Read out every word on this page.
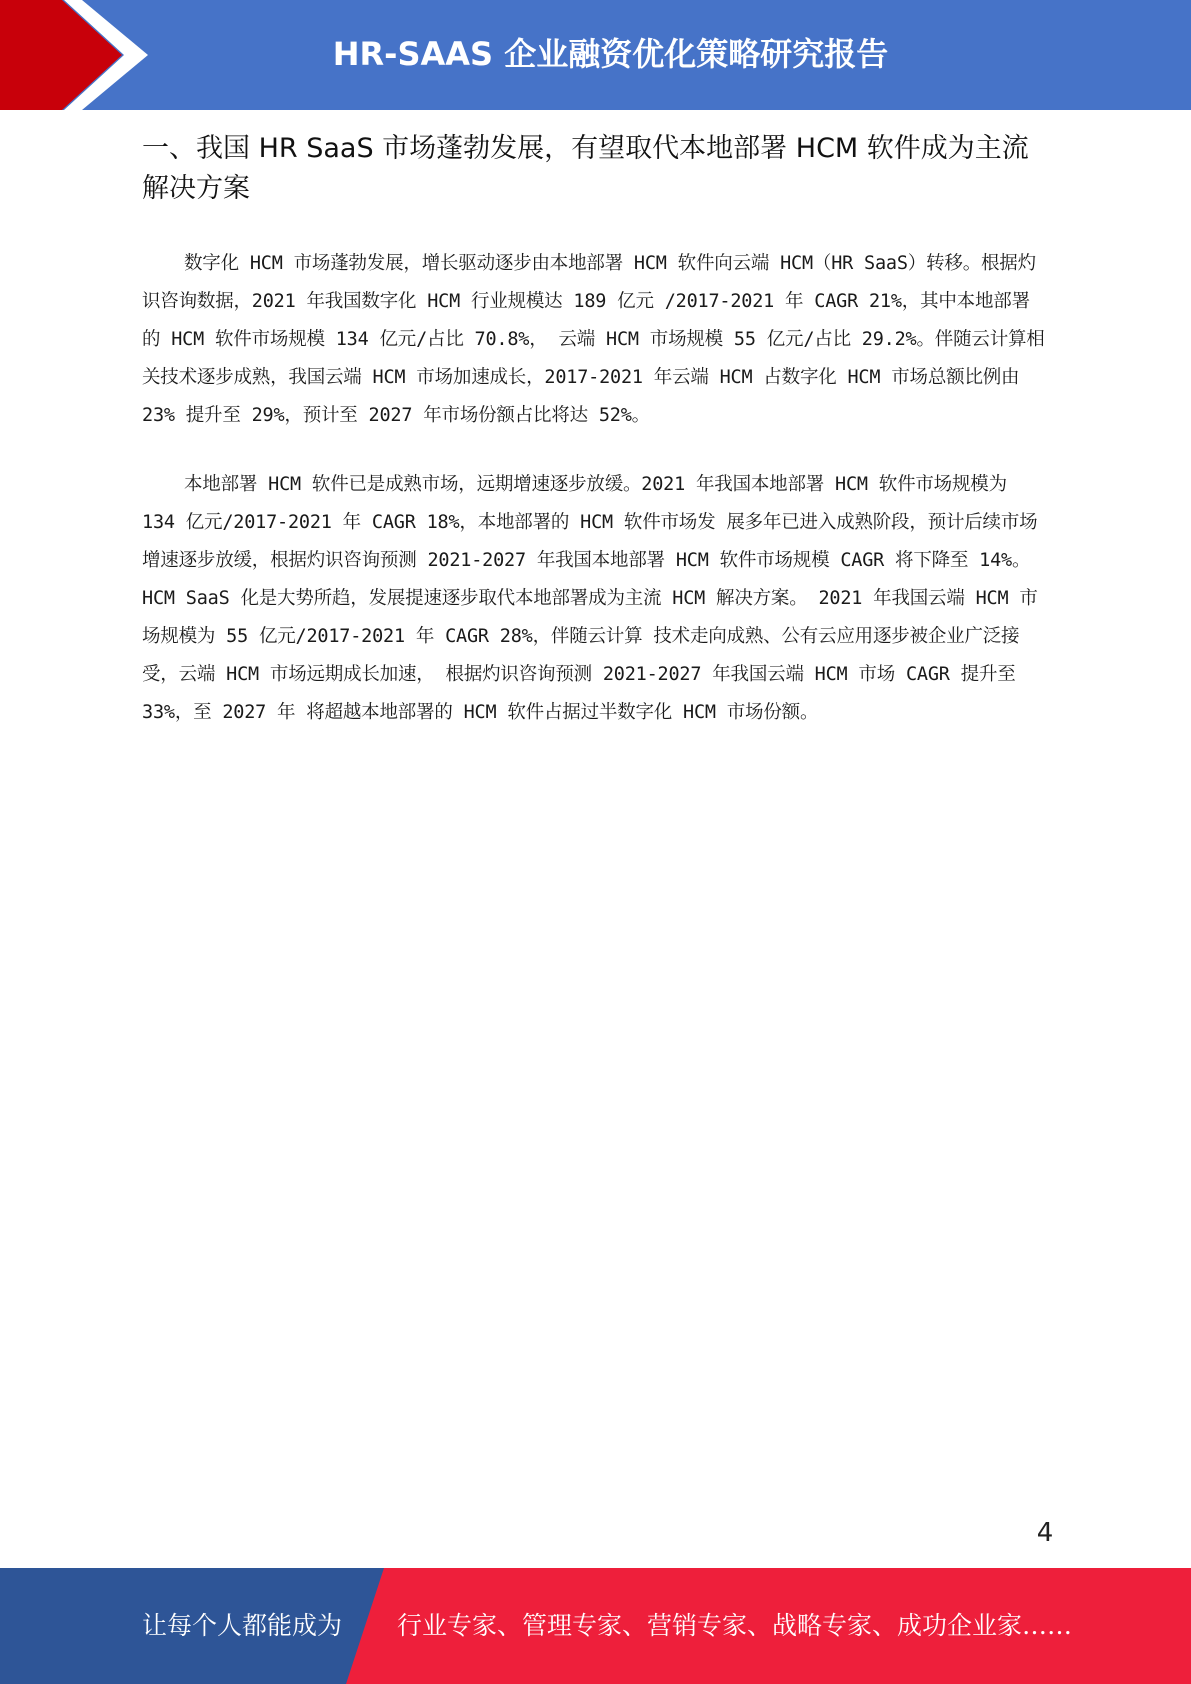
HR-SAAS 企业融资优化策略研究报告
一、我国 HR SaaS 市场蓬勃发展，有望取代本地部署 HCM 软件成为主流解决方案

数字化 HCM 市场蓬勃发展，增长驱动逐步由本地部署 HCM 软件向云端 HCM（HR SaaS）转移。根据灼识咨询数据，2021 年我国数字化 HCM 行业规模达 189 亿元 /2017-2021 年 CAGR 21%，其中本地部署的 HCM 软件市场规模 134 亿元/占比 70.8%， 云端 HCM 市场规模 55 亿元/占比 29.2%。伴随云计算相关技术逐步成熟，我国云端 HCM 市场加速成长，2017-2021 年云端 HCM 占数字化 HCM 市场总额比例由 23% 提升至 29%，预计至 2027 年市场份额占比将达 52%。

本地部署 HCM 软件已是成熟市场，远期增速逐步放缓。2021 年我国本地部署 HCM 软件市场规模为 134 亿元/2017-2021 年 CAGR 18%，本地部署的 HCM 软件市场发 展多年已进入成熟阶段，预计后续市场增速逐步放缓，根据灼识咨询预测 2021-2027 年我国本地部署 HCM 软件市场规模 CAGR 将下降至 14%。 HCM SaaS 化是大势所趋，发展提速逐步取代本地部署成为主流 HCM 解决方案。 2021 年我国云端 HCM 市场规模为 55 亿元/2017-2021 年 CAGR 28%，伴随云计算 技术走向成熟、公有云应用逐步被企业广泛接受，云端 HCM 市场远期成长加速， 根据灼识咨询预测 2021-2027 年我国云端 HCM 市场 CAGR 提升至 33%，至 2027 年 将超越本地部署的 HCM 软件占据过半数字化 HCM 市场份额。

4
让每个人都能成为 行业专家、管理专家、营销专家、战略专家、成功企业家……
